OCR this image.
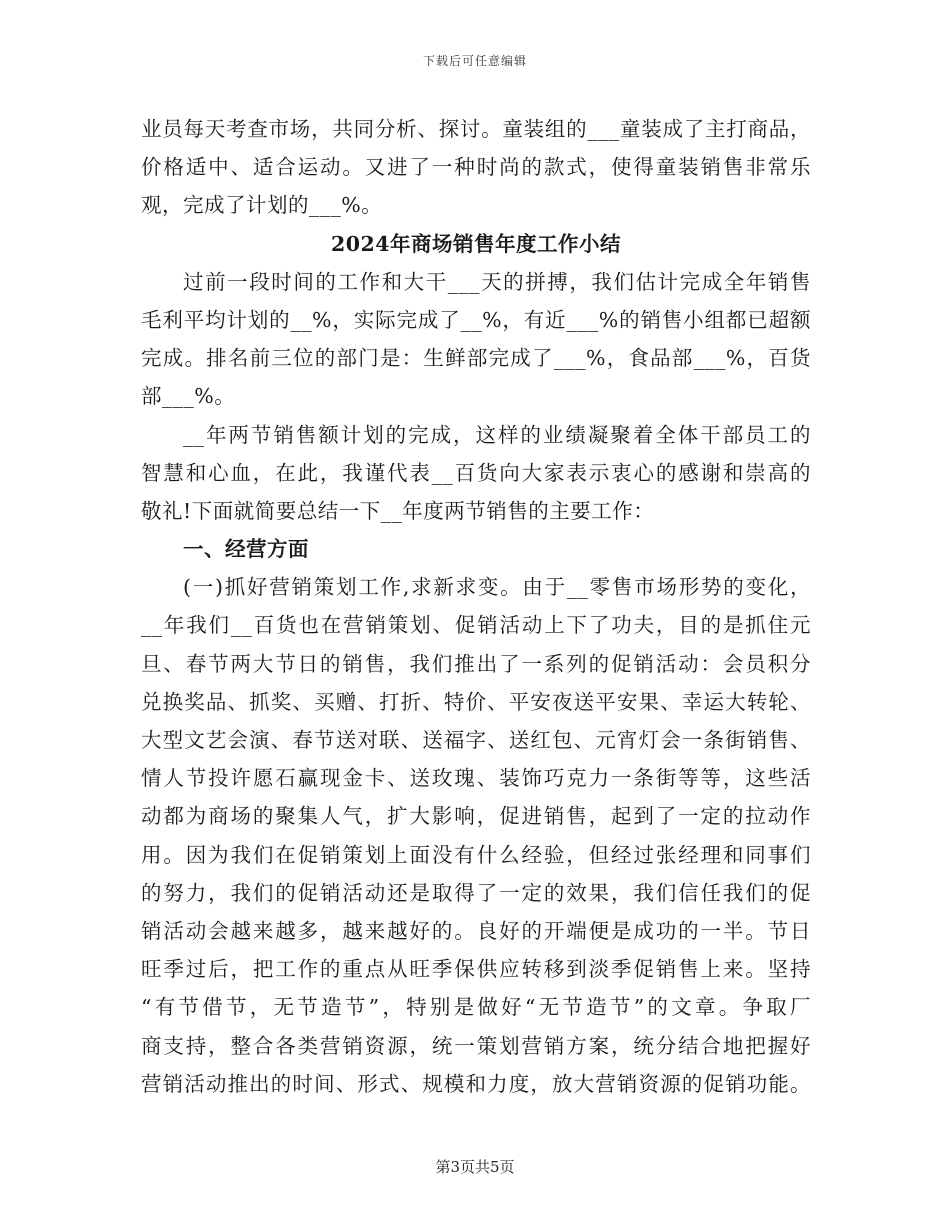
下载后可任意编辑
业员每天考查市场，共同分析、探讨。童装组的___童装成了主打商品，
价格适中、适合运动。又进了一种时尚的款式，使得童装销售非常乐
观，完成了计划的___%。
2024年商场销售年度工作小结
过前一段时间的工作和大干___天的拼搏，我们估计完成全年销售
毛利平均计划的__%，实际完成了__%，有近___%的销售小组都已超额
完成。排名前三位的部门是：生鲜部完成了___%，食品部___%，百货
部___%。
__年两节销售额计划的完成，这样的业绩凝聚着全体干部员工的
智慧和心血，在此，我谨代表__百货向大家表示衷心的感谢和崇高的
敬礼!下面就简要总结一下__年度两节销售的主要工作：
一、经营方面
(一)抓好营销策划工作,求新求变。由于__零售市场形势的变化，
__年我们__百货也在营销策划、促销活动上下了功夫，目的是抓住元
旦、春节两大节日的销售，我们推出了一系列的促销活动：会员积分
兑换奖品、抓奖、买赠、打折、特价、平安夜送平安果、幸运大转轮、
大型文艺会演、春节送对联、送福字、送红包、元宵灯会一条街销售、
情人节投许愿石赢现金卡、送玫瑰、装饰巧克力一条街等等，这些活
动都为商场的聚集人气，扩大影响，促进销售，起到了一定的拉动作
用。因为我们在促销策划上面没有什么经验，但经过张经理和同事们
的努力，我们的促销活动还是取得了一定的效果，我们信任我们的促
销活动会越来越多，越来越好的。良好的开端便是成功的一半。节日
旺季过后，把工作的重点从旺季保供应转移到淡季促销售上来。坚持
“有节借节，无节造节”，特别是做好“无节造节”的文章。争取厂
商支持，整合各类营销资源，统一策划营销方案，统分结合地把握好
营销活动推出的时间、形式、规模和力度，放大营销资源的促销功能。
第3页共5页
